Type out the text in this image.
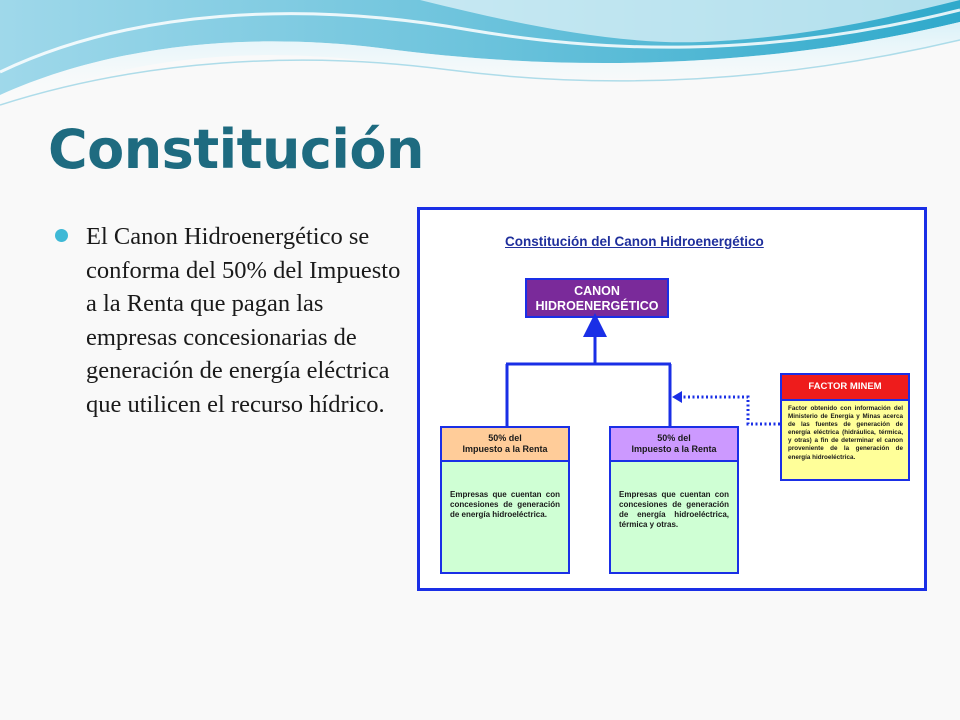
Constitución
El Canon Hidroenergético se conforma del 50% del Impuesto a la Renta que pagan las empresas concesionarias de generación de energía eléctrica que utilicen el recurso hídrico.
Constitución del Canon Hidroenergético
CANON
HIDROENERGÉTICO
50% del
Impuesto a la Renta
Empresas que cuentan con concesiones de generación de energía hidroeléctrica.
50% del
Impuesto a la Renta
Empresas que cuentan con concesiones de generación de energía hidroeléctrica, térmica y otras.
FACTOR MINEM
Factor obtenido con información del Ministerio de Energía y Minas acerca de las fuentes de generación de energía eléctrica (hidráulica, térmica, y otras) a fin de determinar el canon proveniente de la generación de energía hidroeléctrica.
